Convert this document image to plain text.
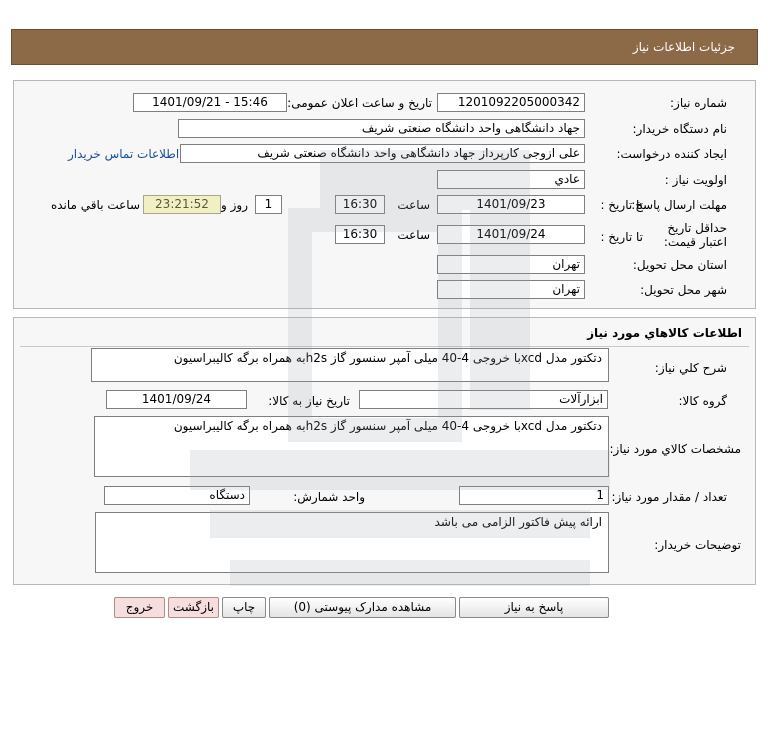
جزئیات اطلاعات نیاز
شماره نیاز:
1201092205000342
تاریخ و ساعت اعلان عمومی:
1401/09/21 - 15:46
نام دستگاه خریدار:
جهاد دانشگاهی واحد دانشگاه صنعتی شریف
ایجاد کننده درخواست:
علی ازوجی کارپرداز جهاد دانشگاهی واحد دانشگاه صنعتی شریف
اطلاعات تماس خریدار
اولویت نیاز :
عادي
مهلت ارسال پاسخ:
تا تاریخ :
1401/09/23
ساعت
16:30
1
روز و
23:21:52
ساعت باقي مانده
حداقل تاریخ اعتبار قیمت:
تا تاریخ :
1401/09/24
ساعت
16:30
استان محل تحویل:
تهران
شهر محل تحویل:
تهران
اطلاعات کالاهاي مورد نياز
شرح کلي نياز:
دتکتور مدل xcdبا خروجی 4-40 میلی آمپر سنسور گاز h2sبه همراه برگه کالیبراسیون
گروه کالا:
ابزارآلات
تاریخ نیاز به کالا:
1401/09/24
مشخصات کالاي مورد نياز:
دتکتور مدل xcdبا خروجی 4-40 میلی آمپر سنسور گاز h2sبه همراه برگه کالیبراسیون
تعداد / مقدار مورد نیاز:
1
واحد شمارش:
دستگاه
توضیحات خریدار:
ارائه پیش فاکتور الزامی می باشد
پاسخ به نیاز
مشاهده مدارک پیوستی (0)
چاپ
بازگشت
خروج
